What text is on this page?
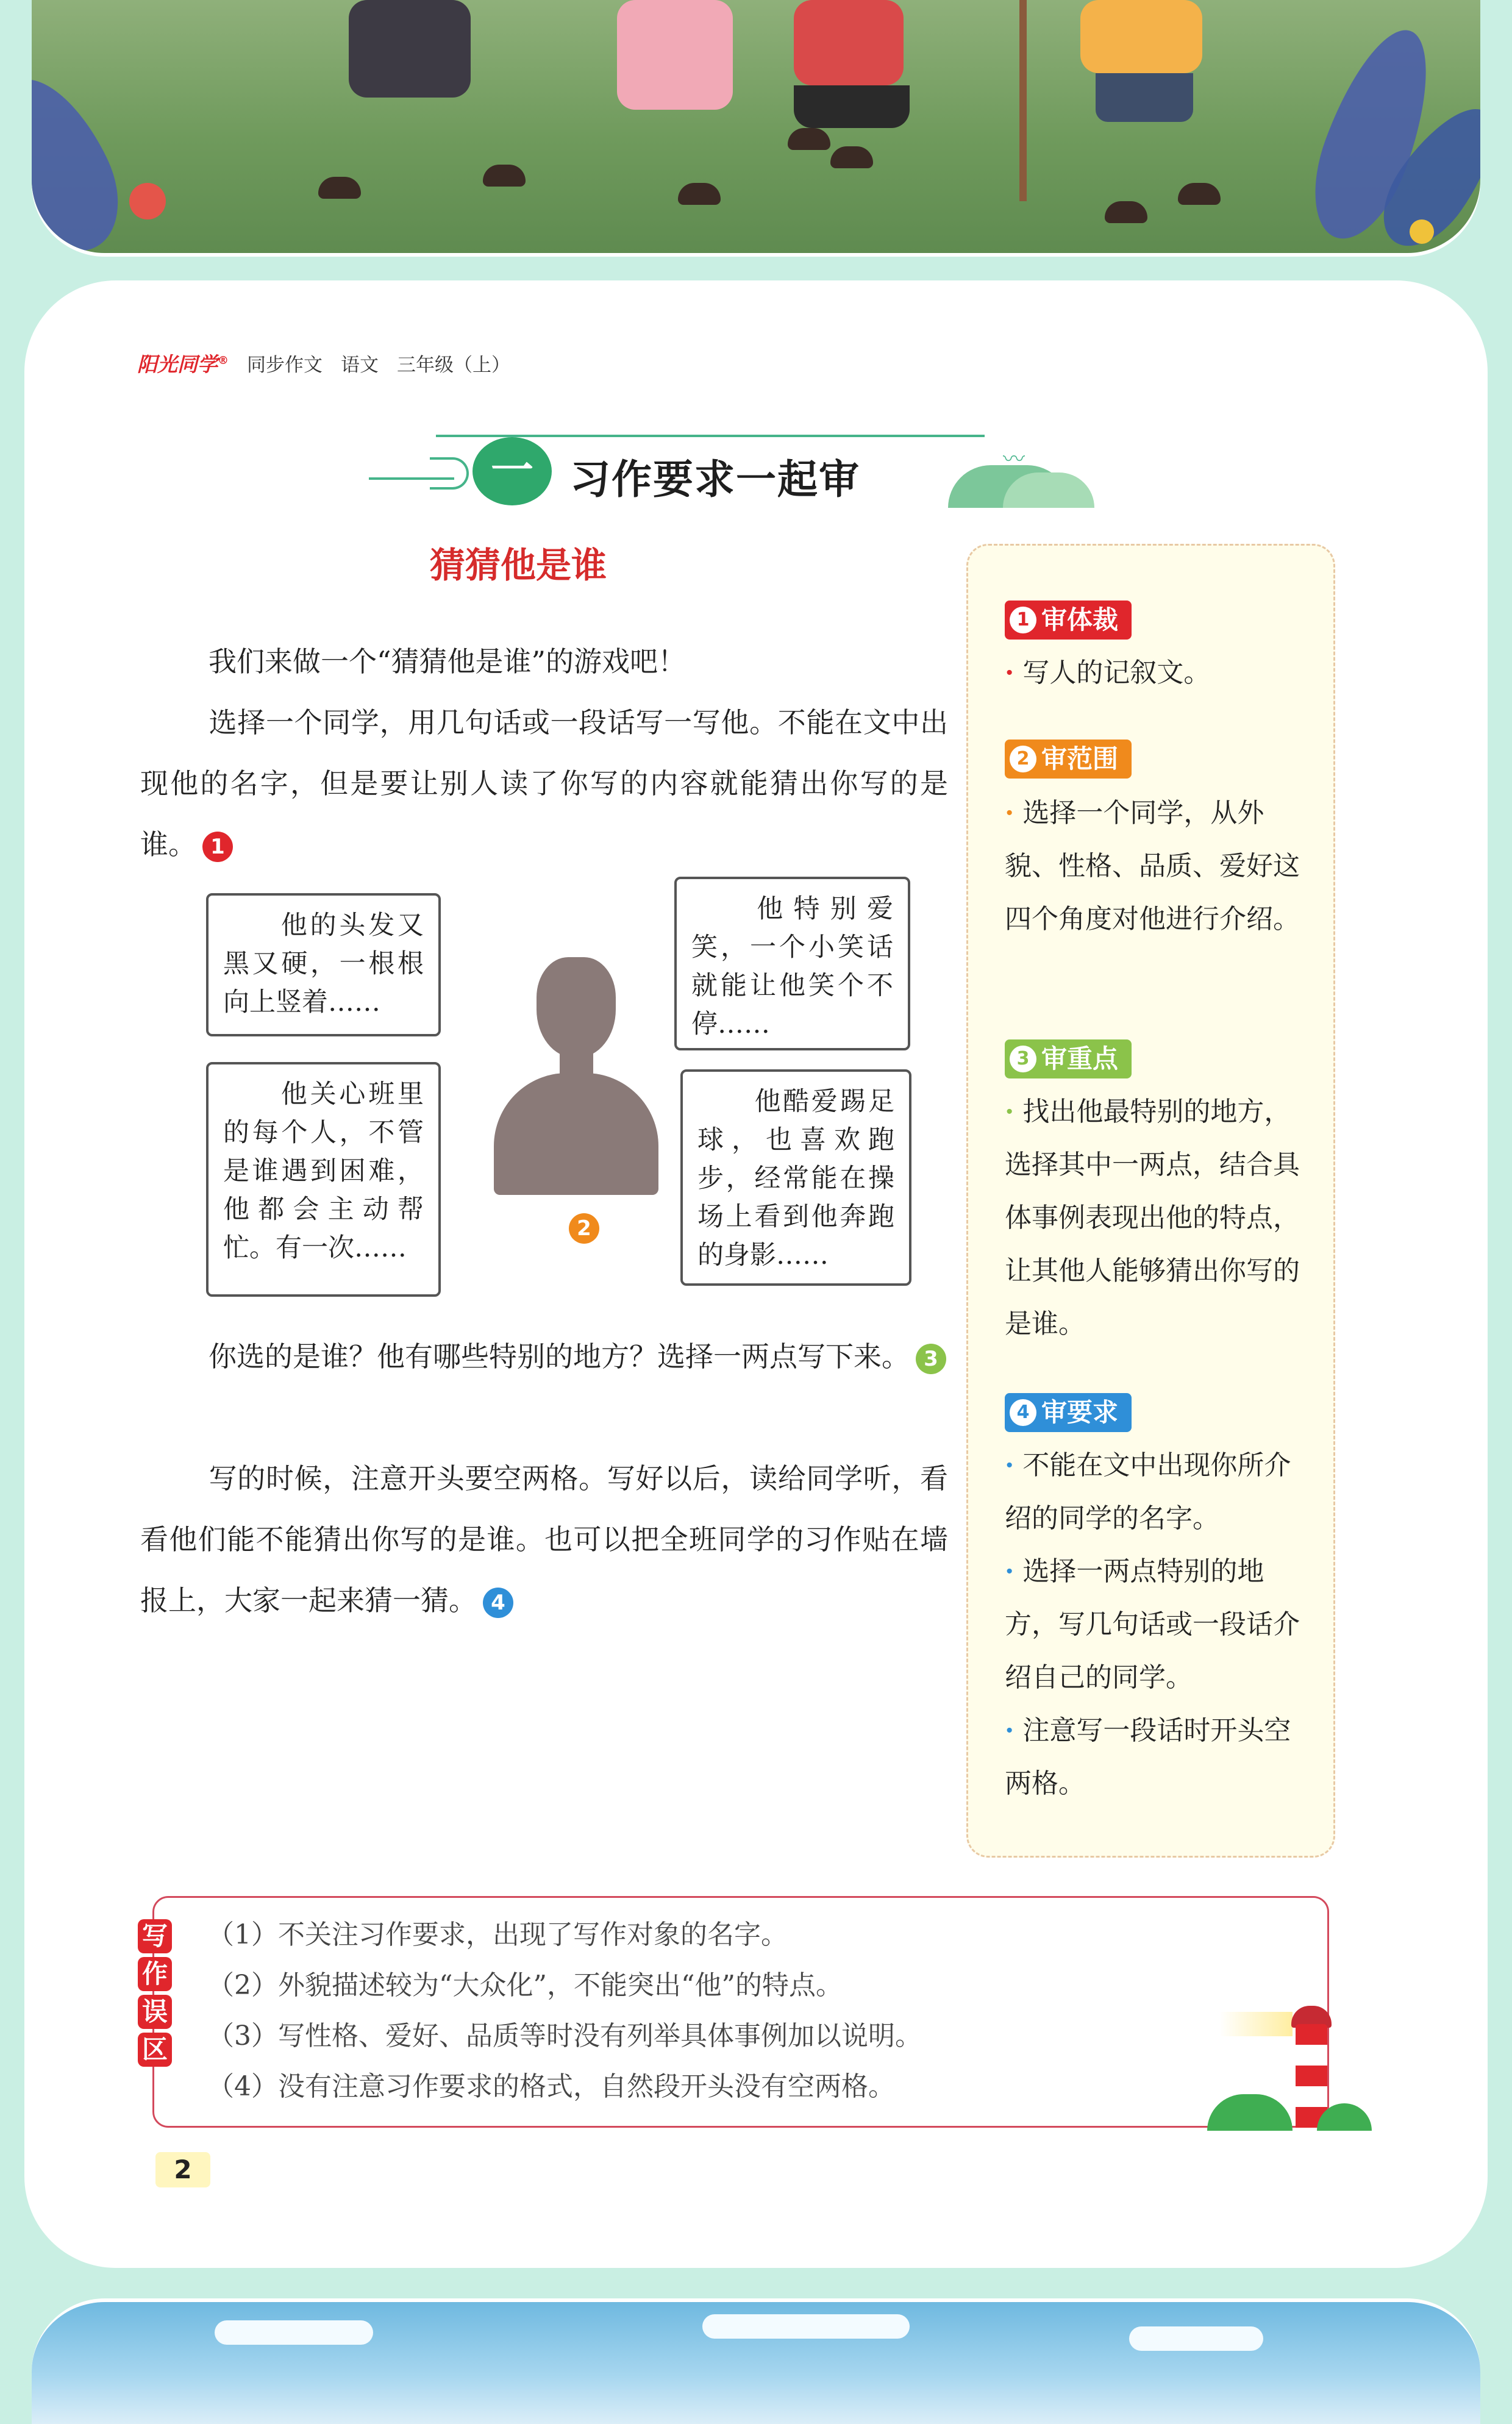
阳光同学® 同步作文 语文 三年级（上）
一 习作要求一起审	〰
猜猜他是谁
我们来做一个“猜猜他是谁”的游戏吧！
选择一个同学，用几句话或一段话写一写他。不能在文中出现他的名字，但是要让别人读了你写的内容就能猜出你写的是谁。 1
他的头发又黑又硬，一根根向上竖着……
他特别爱笑，一个小笑话就能让他笑个不停……
他关心班里的每个人，不管是谁遇到困难，他都会主动帮忙。有一次……
他酷爱踢足球，也喜欢跑步，经常能在操场上看到他奔跑的身影……
2
你选的是谁？他有哪些特别的地方？选择一两点写下来。 3
写的时候，注意开头要空两格。写好以后，读给同学听，看看他们能不能猜出你写的是谁。也可以把全班同学的习作贴在墙报上，大家一起来猜一猜。 4
1 审体裁
· 写人的记叙文。
2 审范围
· 选择一个同学，从外貌、性格、品质、爱好这四个角度对他进行介绍。
3 审重点
· 找出他最特别的地方，选择其中一两点，结合具体事例表现出他的特点，让其他人能够猜出你写的是谁。
4 审要求
· 不能在文中出现你所介绍的同学的名字。
· 选择一两点特别的地方，写几句话或一段话介绍自己的同学。
· 注意写一段话时开头空两格。
写
作
误
区
（1）不关注习作要求，出现了写作对象的名字。
（2）外貌描述较为“大众化”，不能突出“他”的特点。
（3）写性格、爱好、品质等时没有列举具体事例加以说明。
（4）没有注意习作要求的格式，自然段开头没有空两格。
2
